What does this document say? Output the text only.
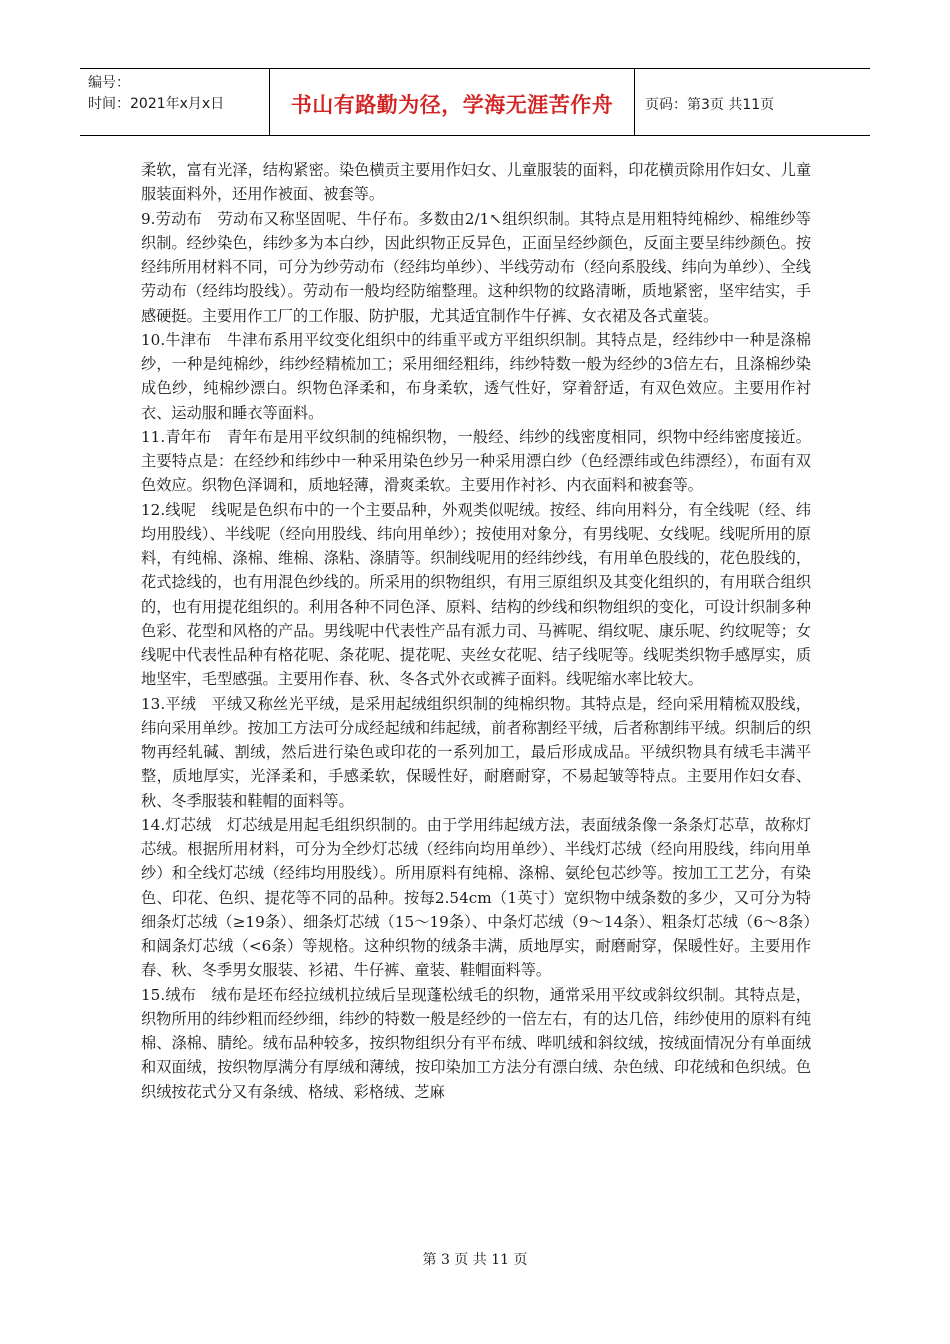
编号：
时间：2021年x月x日	书山有路勤为径，学海无涯苦作舟	页码：第3页 共11页

柔软，富有光泽，结构紧密。染色横贡主要用作妇女、儿童服装的面料，印花横贡除用作妇女、儿童服装面料外，还用作被面、被套等。

9.劳动布　劳动布又称坚固呢、牛仔布。多数由2/1↖组织织制。其特点是用粗特纯棉纱、棉维纱等织制。经纱染色，纬纱多为本白纱，因此织物正反异色，正面呈经纱颜色，反面主要呈纬纱颜色。按经纬所用材料不同，可分为纱劳动布（经纬均单纱）、半线劳动布（经向系股线、纬向为单纱）、全线劳动布（经纬均股线）。劳动布一般均经防缩整理。这种织物的纹路清晰，质地紧密，坚牢结实，手感硬挺。主要用作工厂的工作服、防护服，尤其适宜制作牛仔裤、女衣裙及各式童装。

10.牛津布　牛津布系用平纹变化组织中的纬重平或方平组织织制。其特点是，经纬纱中一种是涤棉纱，一种是纯棉纱，纬纱经精梳加工；采用细经粗纬，纬纱特数一般为经纱的3倍左右，且涤棉纱染成色纱，纯棉纱漂白。织物色泽柔和，布身柔软，透气性好，穿着舒适，有双色效应。主要用作衬衣、运动服和睡衣等面料。

11.青年布　青年布是用平纹织制的纯棉织物，一般经、纬纱的线密度相同，织物中经纬密度接近。主要特点是：在经纱和纬纱中一种采用染色纱另一种采用漂白纱（色经漂纬或色纬漂经），布面有双色效应。织物色泽调和，质地轻薄，滑爽柔软。主要用作衬衫、内衣面料和被套等。

12.线呢　线呢是色织布中的一个主要品种，外观类似呢绒。按经、纬向用料分，有全线呢（经、纬均用股线）、半线呢（经向用股线、纬向用单纱）；按使用对象分，有男线呢、女线呢。线呢所用的原料，有纯棉、涤棉、维棉、涤粘、涤腈等。织制线呢用的经纬纱线，有用单色股线的，花色股线的，花式捻线的，也有用混色纱线的。所采用的织物组织，有用三原组织及其变化组织的，有用联合组织的，也有用提花组织的。利用各种不同色泽、原料、结构的纱线和织物组织的变化，可设计织制多种色彩、花型和风格的产品。男线呢中代表性产品有派力司、马裤呢、绢纹呢、康乐呢、约纹呢等；女线呢中代表性品种有格花呢、条花呢、提花呢、夹丝女花呢、结子线呢等。线呢类织物手感厚实，质地坚牢，毛型感强。主要用作春、秋、冬各式外衣或裤子面料。线呢缩水率比较大。

13.平绒　平绒又称丝光平绒，是采用起绒组织织制的纯棉织物。其特点是，经向采用精梳双股线，纬向采用单纱。按加工方法可分成经起绒和纬起绒，前者称割经平绒，后者称割纬平绒。织制后的织物再经轧碱、割绒，然后进行染色或印花的一系列加工，最后形成成品。平绒织物具有绒毛丰满平整，质地厚实，光泽柔和，手感柔软，保暖性好，耐磨耐穿，不易起皱等特点。主要用作妇女春、秋、冬季服装和鞋帽的面料等。

14.灯芯绒　灯芯绒是用起毛组织织制的。由于学用纬起绒方法，表面绒条像一条条灯芯草，故称灯芯绒。根据所用材料，可分为全纱灯芯绒（经纬向均用单纱）、半线灯芯绒（经向用股线，纬向用单纱）和全线灯芯绒（经纬均用股线）。所用原料有纯棉、涤棉、氨纶包芯纱等。按加工工艺分，有染色、印花、色织、提花等不同的品种。按每2.54cm（1英寸）宽织物中绒条数的多少，又可分为特细条灯芯绒（≥19条）、细条灯芯绒（15～19条）、中条灯芯绒（9～14条）、粗条灯芯绒（6～8条）和阔条灯芯绒（<6条）等规格。这种织物的绒条丰满，质地厚实，耐磨耐穿，保暖性好。主要用作春、秋、冬季男女服装、衫裙、牛仔裤、童装、鞋帽面料等。

15.绒布　绒布是坯布经拉绒机拉绒后呈现蓬松绒毛的织物，通常采用平纹或斜纹织制。其特点是，织物所用的纬纱粗而经纱细，纬纱的特数一般是经纱的一倍左右，有的达几倍，纬纱使用的原料有纯棉、涤棉、腈纶。绒布品种较多，按织物组织分有平布绒、哔叽绒和斜纹绒，按绒面情况分有单面绒和双面绒，按织物厚满分有厚绒和薄绒，按印染加工方法分有漂白绒、杂色绒、印花绒和色织绒。色织绒按花式分又有条绒、格绒、彩格绒、芝麻

第 3 页 共 11 页
